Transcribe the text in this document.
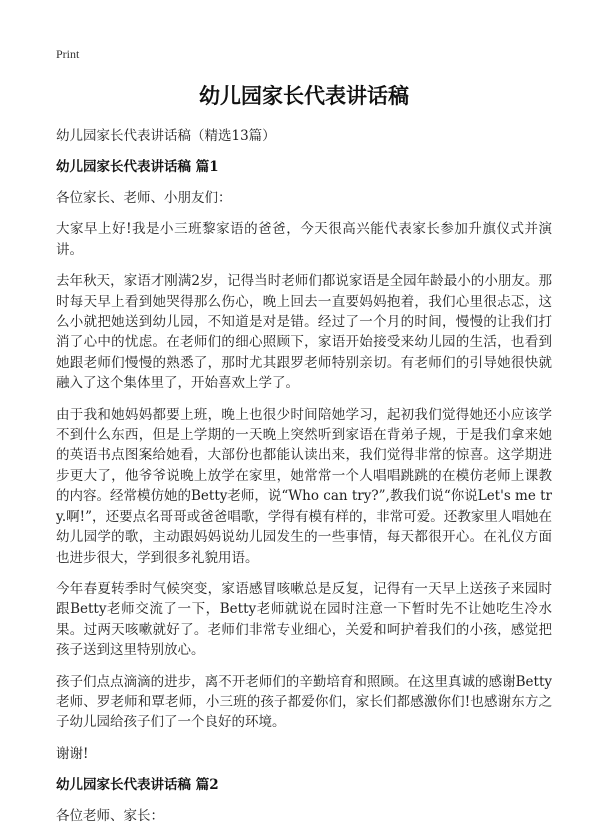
Print
幼儿园家长代表讲话稿
幼儿园家长代表讲话稿（精选13篇）
幼儿园家长代表讲话稿 篇1

各位家长、老师、小朋友们：

大家早上好!我是小三班黎家语的爸爸，今天很高兴能代表家长参加升旗仪式并演讲。

去年秋天，家语才刚满2岁，记得当时老师们都说家语是全园年龄最小的小朋友。那时每天早上看到她哭得那么伤心，晚上回去一直要妈妈抱着，我们心里很忐忑，这么小就把她送到幼儿园，不知道是对是错。经过了一个月的时间，慢慢的让我们打消了心中的忧虑。在老师们的细心照顾下，家语开始接受来幼儿园的生活，也看到她跟老师们慢慢的熟悉了，那时尤其跟罗老师特别亲切。有老师们的引导她很快就融入了这个集体里了，开始喜欢上学了。

由于我和她妈妈都要上班，晚上也很少时间陪她学习，起初我们觉得她还小应该学不到什么东西，但是上学期的一天晚上突然听到家语在背弟子规，于是我们拿来她的英语书点图案给她看，大部份也都能认读出来，我们觉得非常的惊喜。这学期进步更大了，他爷爷说晚上放学在家里，她常常一个人唱唱跳跳的在模仿老师上课教的内容。经常模仿她的Betty老师，说“Who can try?”,教我们说“你说Let's me try.啊!”，还要点名哥哥或爸爸唱歌，学得有模有样的，非常可爱。还教家里人唱她在幼儿园学的歌，主动跟妈妈说幼儿园发生的一些事情，每天都很开心。在礼仪方面也进步很大，学到很多礼貌用语。

今年春夏转季时气候突变，家语感冒咳嗽总是反复，记得有一天早上送孩子来园时跟Betty老师交流了一下，Betty老师就说在园时注意一下暂时先不让她吃生冷水果。过两天咳嗽就好了。老师们非常专业细心，关爱和呵护着我们的小孩，感觉把孩子送到这里特别放心。

孩子们点点滴滴的进步，离不开老师们的辛勤培育和照顾。在这里真诚的感谢Betty老师、罗老师和覃老师，小三班的孩子都爱你们，家长们都感激你们!也感谢东方之子幼儿园给孩子们了一个良好的环境。

谢谢!

幼儿园家长代表讲话稿 篇2

各位老师、家长：
